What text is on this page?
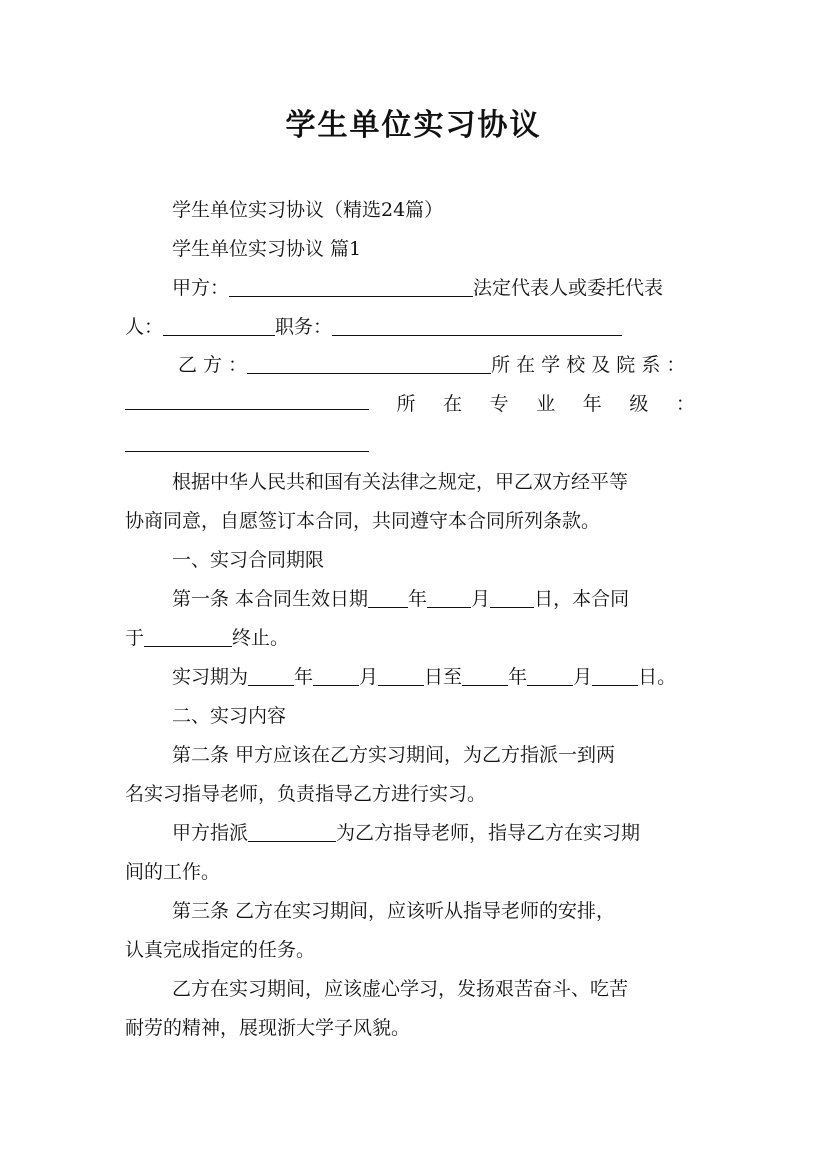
学生单位实习协议
学生单位实习协议（精选24篇）
学生单位实习协议 篇1
甲方：	法定代表人或委托代表
人：	职务：
乙 方 ：	所 在 学 校 及 院 系 ：
所 在 专 业 年 级 ：
根据中华人民共和国有关法律之规定，甲乙双方经平等
协商同意，自愿签订本合同，共同遵守本合同所列条款。
一、实习合同期限
第一条 本合同生效日期 年 月 日，本合同
于	终止。
实习期为 年 月 日至 年 月 日。
二、实习内容
第二条 甲方应该在乙方实习期间，为乙方指派一到两
名实习指导老师，负责指导乙方进行实习。
甲方指派	为乙方指导老师，指导乙方在实习期
间的工作。
第三条 乙方在实习期间，应该听从指导老师的安排，
认真完成指定的任务。
乙方在实习期间，应该虚心学习，发扬艰苦奋斗、吃苦
耐劳的精神，展现浙大学子风貌。
